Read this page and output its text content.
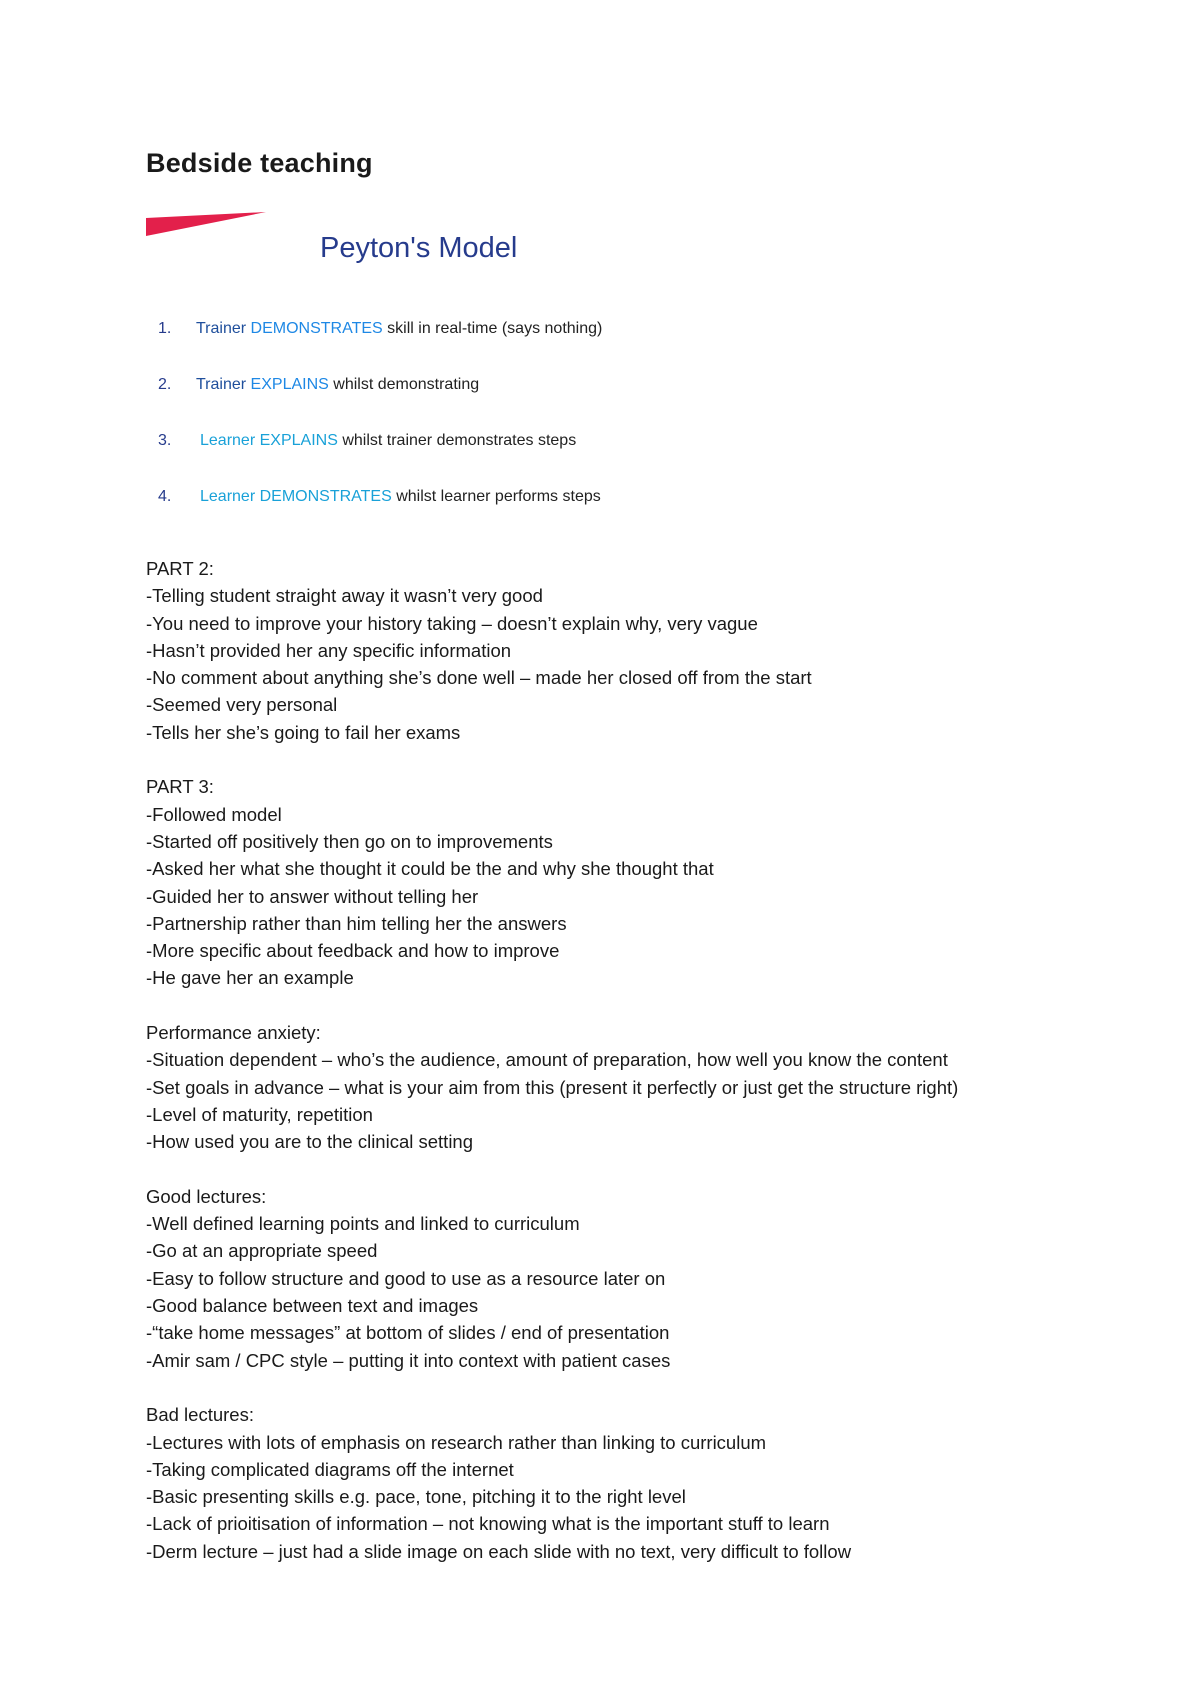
Bedside teaching
Peyton's Model
1. Trainer DEMONSTRATES skill in real-time (says nothing)
2. Trainer EXPLAINS whilst demonstrating
3. Learner EXPLAINS whilst trainer demonstrates steps
4. Learner DEMONSTRATES whilst learner performs steps
PART 2:
-Telling student straight away it wasn’t very good
-You need to improve your history taking – doesn’t explain why, very vague
-Hasn’t provided her any specific information
-No comment about anything she’s done well – made her closed off from the start
-Seemed very personal
-Tells her she’s going to fail her exams
PART 3:
-Followed model
-Started off positively then go on to improvements
-Asked her what she thought it could be the and why she thought that
-Guided her to answer without telling her
-Partnership rather than him telling her the answers
-More specific about feedback and how to improve
-He gave her an example
Performance anxiety:
-Situation dependent – who’s the audience, amount of preparation, how well you know the content
-Set goals in advance – what is your aim from this (present it perfectly or just get the structure right)
-Level of maturity, repetition
-How used you are to the clinical setting
Good lectures:
-Well defined learning points and linked to curriculum
-Go at an appropriate speed
-Easy to follow structure and good to use as a resource later on
-Good balance between text and images
-“take home messages” at bottom of slides / end of presentation
-Amir sam / CPC style – putting it into context with patient cases
Bad lectures:
-Lectures with lots of emphasis on research rather than linking to curriculum
-Taking complicated diagrams off the internet
-Basic presenting skills e.g. pace, tone, pitching it to the right level
-Lack of prioitisation of information – not knowing what is the important stuff to learn
-Derm lecture – just had a slide image on each slide with no text, very difficult to follow
